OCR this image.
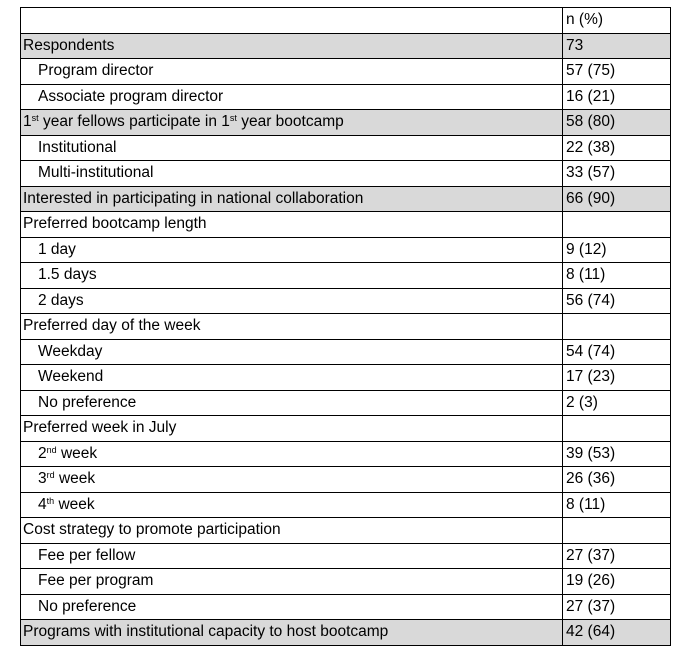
	n (%)
Respondents	73
Program director	57 (75)
Associate program director	16 (21)
1st year fellows participate in 1st year bootcamp	58 (80)
Institutional	22 (38)
Multi-institutional	33 (57)
Interested in participating in national collaboration	66 (90)
Preferred bootcamp length	
1 day	9 (12)
1.5 days	8 (11)
2 days	56 (74)
Preferred day of the week	
Weekday	54 (74)
Weekend	17 (23)
No preference	2 (3)
Preferred week in July	
2nd week	39 (53)
3rd week	26 (36)
4th week	8 (11)
Cost strategy to promote participation	
Fee per fellow	27 (37)
Fee per program	19 (26)
No preference	27 (37)
Programs with institutional capacity to host bootcamp	42 (64)
